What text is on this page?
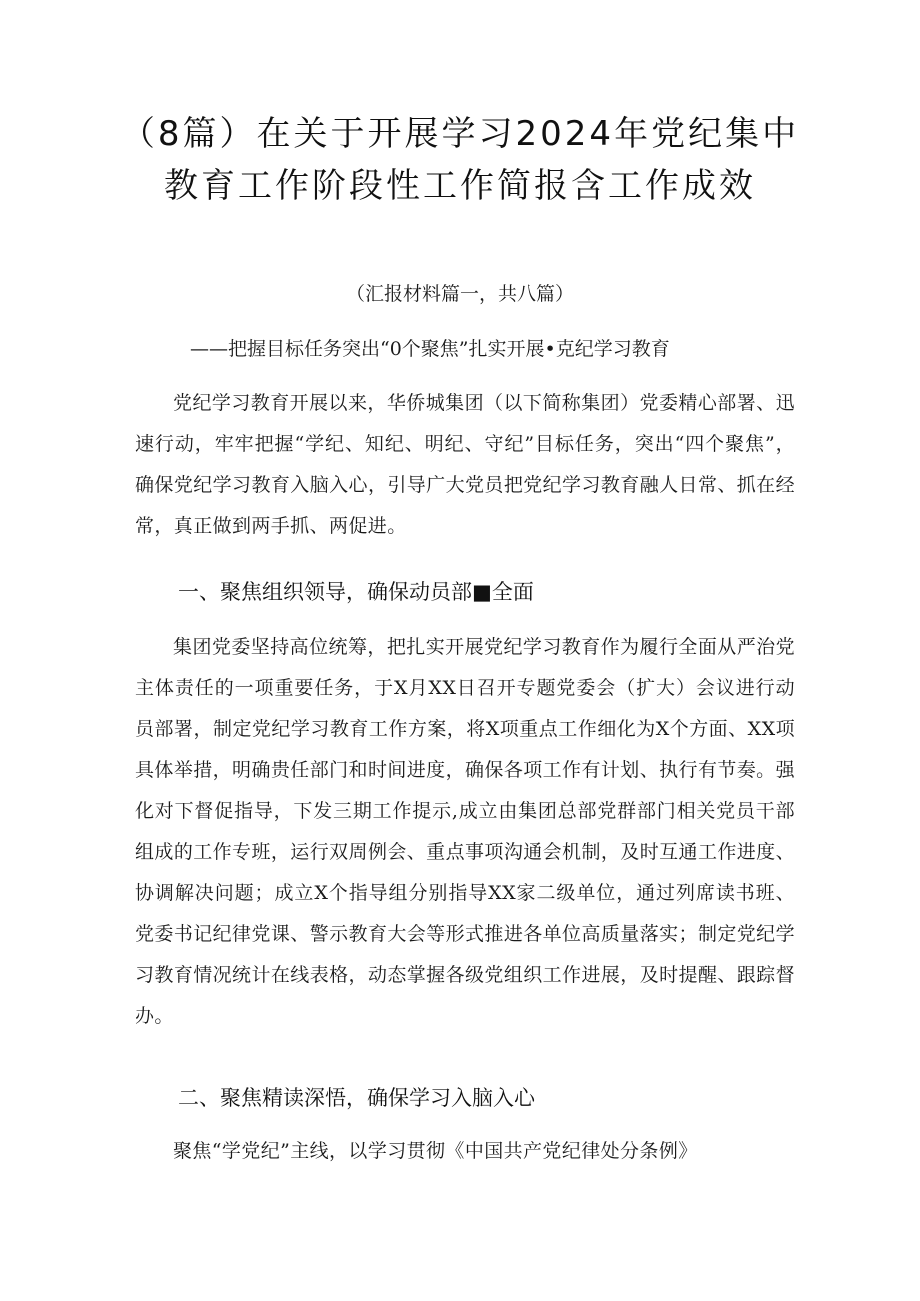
（8篇）在关于开展学习2024年党纪集中
教育工作阶段性工作简报含工作成效
（汇报材料篇一，共八篇）
——把握目标任务突出“0个聚焦”扎实开展•克纪学习教育
党纪学习教育开展以来，华侨城集团（以下简称集团）党委精心部署、迅速行动，牢牢把握“学纪、知纪、明纪、守纪”目标任务，突出“四个聚焦”，确保党纪学习教育入脑入心，引导广大党员把党纪学习教育融人日常、抓在经常，真正做到两手抓、两促进。
一、聚焦组织领导，确保动员部■全面
集团党委坚持高位统筹，把扎实开展党纪学习教育作为履行全面从严治党主体责任的一项重要任务，于X月XX日召开专题党委会（扩大）会议进行动员部署，制定党纪学习教育工作方案，将X项重点工作细化为X个方面、XX项具体举措，明确贵任部门和时间进度，确保各项工作有计划、执行有节奏。强化对下督促指导，下发三期工作提示,成立由集团总部党群部门相关党员干部组成的工作专班，运行双周例会、重点事项沟通会机制，及时互通工作进度、协调解决问题；成立X个指导组分别指导XX家二级单位，通过列席读书班、党委书记纪律党课、警示教育大会等形式推进各单位高质量落实；制定党纪学习教育情况统计在线表格，动态掌握各级党组织工作进展，及时提醒、跟踪督办。
二、聚焦精读深悟，确保学习入脑入心
聚焦“学党纪”主线，以学习贯彻《中国共产党纪律处分条例》
